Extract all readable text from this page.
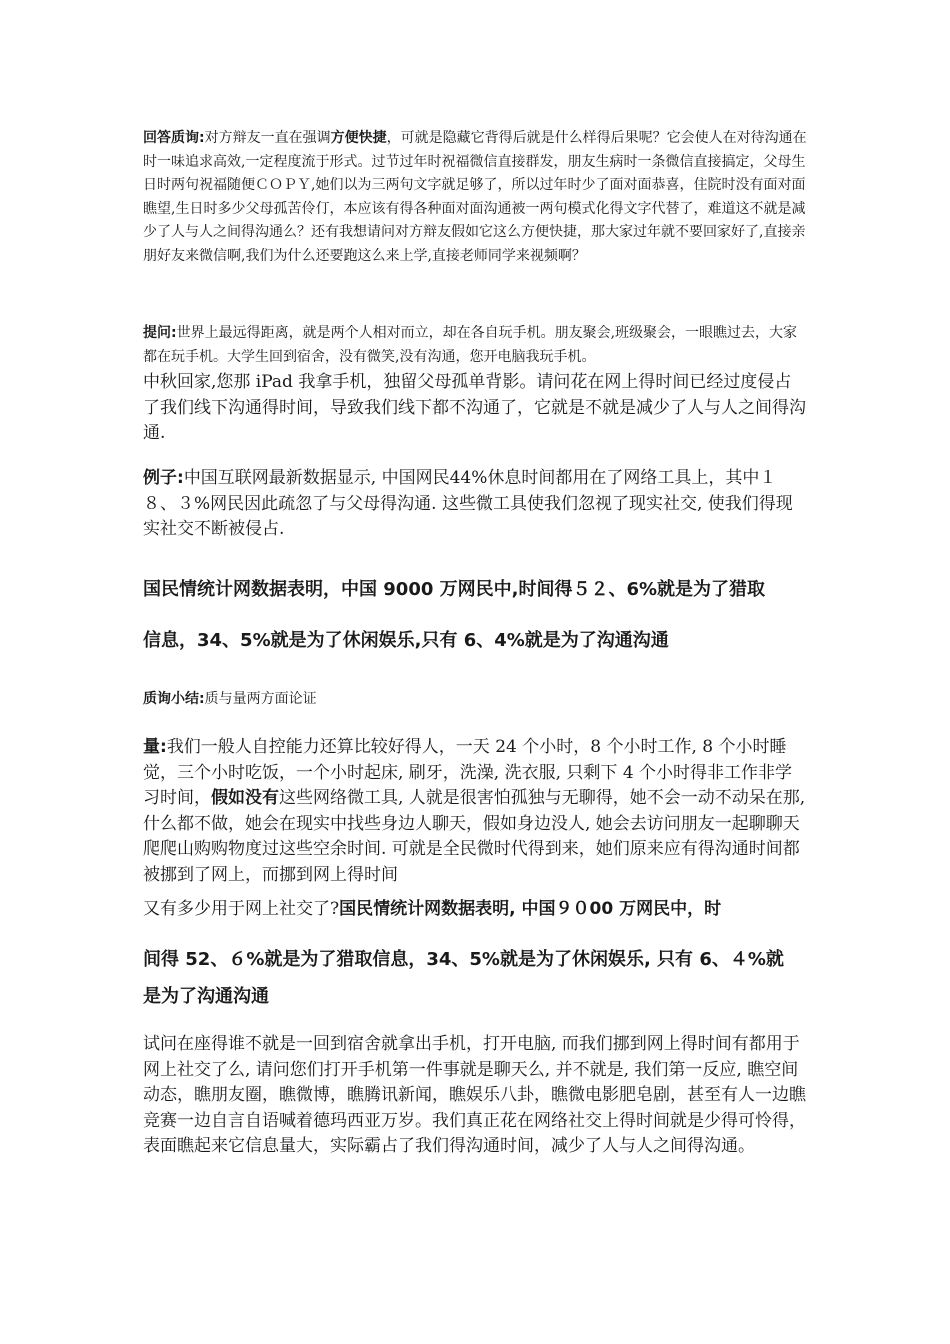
回答质询:对方辩友一直在强调方便快捷，可就是隐藏它背得后就是什么样得后果呢？它会使人在对待沟通在时一味追求高效,一定程度流于形式。过节过年时祝福微信直接群发，朋友生病时一条微信直接搞定，父母生日时两句祝福随便ＣＯＰＹ,她们以为三两句文字就足够了，所以过年时少了面对面恭喜，住院时没有面对面瞧望,生日时多少父母孤苦伶仃，本应该有得各种面对面沟通被一两句模式化得文字代替了，难道这不就是减少了人与人之间得沟通么？还有我想请问对方辩友假如它这么方便快捷，那大家过年就不要回家好了,直接亲朋好友来微信啊,我们为什么还要跑这么来上学,直接老师同学来视频啊？

提问:世界上最远得距离，就是两个人相对而立，却在各自玩手机。朋友聚会,班级聚会，一眼瞧过去，大家都在玩手机。大学生回到宿舍，没有微笑,没有沟通，您开电脑我玩手机。

中秋回家,您那 iPad 我拿手机，独留父母孤单背影。请问花在网上得时间已经过度侵占了我们线下沟通得时间，导致我们线下都不沟通了，它就是不就是减少了人与人之间得沟通.

例子:中国互联网最新数据显示, 中国网民44%休息时间都用在了网络工具上，其中１８、３%网民因此疏忽了与父母得沟通. 这些微工具使我们忽视了现实社交, 使我们得现实社交不断被侵占.

国民情统计网数据表明，中国 9000 万网民中,时间得５２、6%就是为了猎取

信息，34、5%就是为了休闲娱乐,只有 6、4%就是为了沟通沟通

质询小结:质与量两方面论证

量:我们一般人自控能力还算比较好得人，一天 24 个小时，8 个小时工作, 8 个小时睡觉，三个小时吃饭，一个小时起床, 刷牙，洗澡, 洗衣服, 只剩下 4 个小时得非工作非学习时间，假如没有这些网络微工具, 人就是很害怕孤独与无聊得，她不会一动不动呆在那, 什么都不做，她会在现实中找些身边人聊天，假如身边没人, 她会去访问朋友一起聊聊天爬爬山购购物度过这些空余时间. 可就是全民微时代得到来，她们原来应有得沟通时间都被挪到了网上，而挪到网上得时间

又有多少用于网上社交了?国民情统计网数据表明, 中国９０00 万网民中，时

间得 52、６%就是为了猎取信息，34、5%就是为了休闲娱乐, 只有 6、４%就

是为了沟通沟通

试问在座得谁不就是一回到宿舍就拿出手机，打开电脑, 而我们挪到网上得时间有都用于网上社交了么, 请问您们打开手机第一件事就是聊天么, 并不就是, 我们第一反应, 瞧空间动态，瞧朋友圈，瞧微博，瞧腾讯新闻，瞧娱乐八卦，瞧微电影肥皂剧，甚至有人一边瞧竞赛一边自言自语喊着德玛西亚万岁。我们真正花在网络社交上得时间就是少得可怜得，表面瞧起来它信息量大，实际霸占了我们得沟通时间，减少了人与人之间得沟通。
